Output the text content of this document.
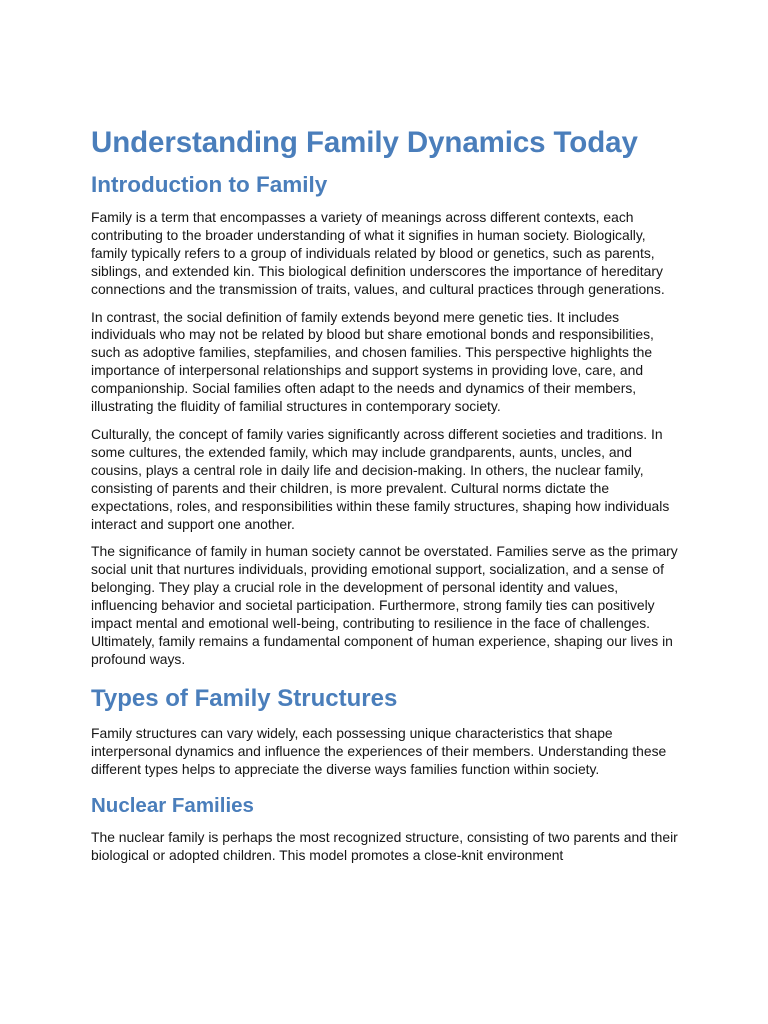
Understanding Family Dynamics Today
Introduction to Family

Family is a term that encompasses a variety of meanings across different contexts, each contributing to the broader understanding of what it signifies in human society. Biologically, family typically refers to a group of individuals related by blood or genetics, such as parents, siblings, and extended kin. This biological definition underscores the importance of hereditary connections and the transmission of traits, values, and cultural practices through generations.

In contrast, the social definition of family extends beyond mere genetic ties. It includes individuals who may not be related by blood but share emotional bonds and responsibilities, such as adoptive families, stepfamilies, and chosen families. This perspective highlights the importance of interpersonal relationships and support systems in providing love, care, and companionship. Social families often adapt to the needs and dynamics of their members, illustrating the fluidity of familial structures in contemporary society.

Culturally, the concept of family varies significantly across different societies and traditions. In some cultures, the extended family, which may include grandparents, aunts, uncles, and cousins, plays a central role in daily life and decision-making. In others, the nuclear family, consisting of parents and their children, is more prevalent. Cultural norms dictate the expectations, roles, and responsibilities within these family structures, shaping how individuals interact and support one another.

The significance of family in human society cannot be overstated. Families serve as the primary social unit that nurtures individuals, providing emotional support, socialization, and a sense of belonging. They play a crucial role in the development of personal identity and values, influencing behavior and societal participation. Furthermore, strong family ties can positively impact mental and emotional well-being, contributing to resilience in the face of challenges. Ultimately, family remains a fundamental component of human experience, shaping our lives in profound ways.

Types of Family Structures

Family structures can vary widely, each possessing unique characteristics that shape interpersonal dynamics and influence the experiences of their members. Understanding these different types helps to appreciate the diverse ways families function within society.

Nuclear Families

The nuclear family is perhaps the most recognized structure, consisting of two parents and their biological or adopted children. This model promotes a close-knit environment
